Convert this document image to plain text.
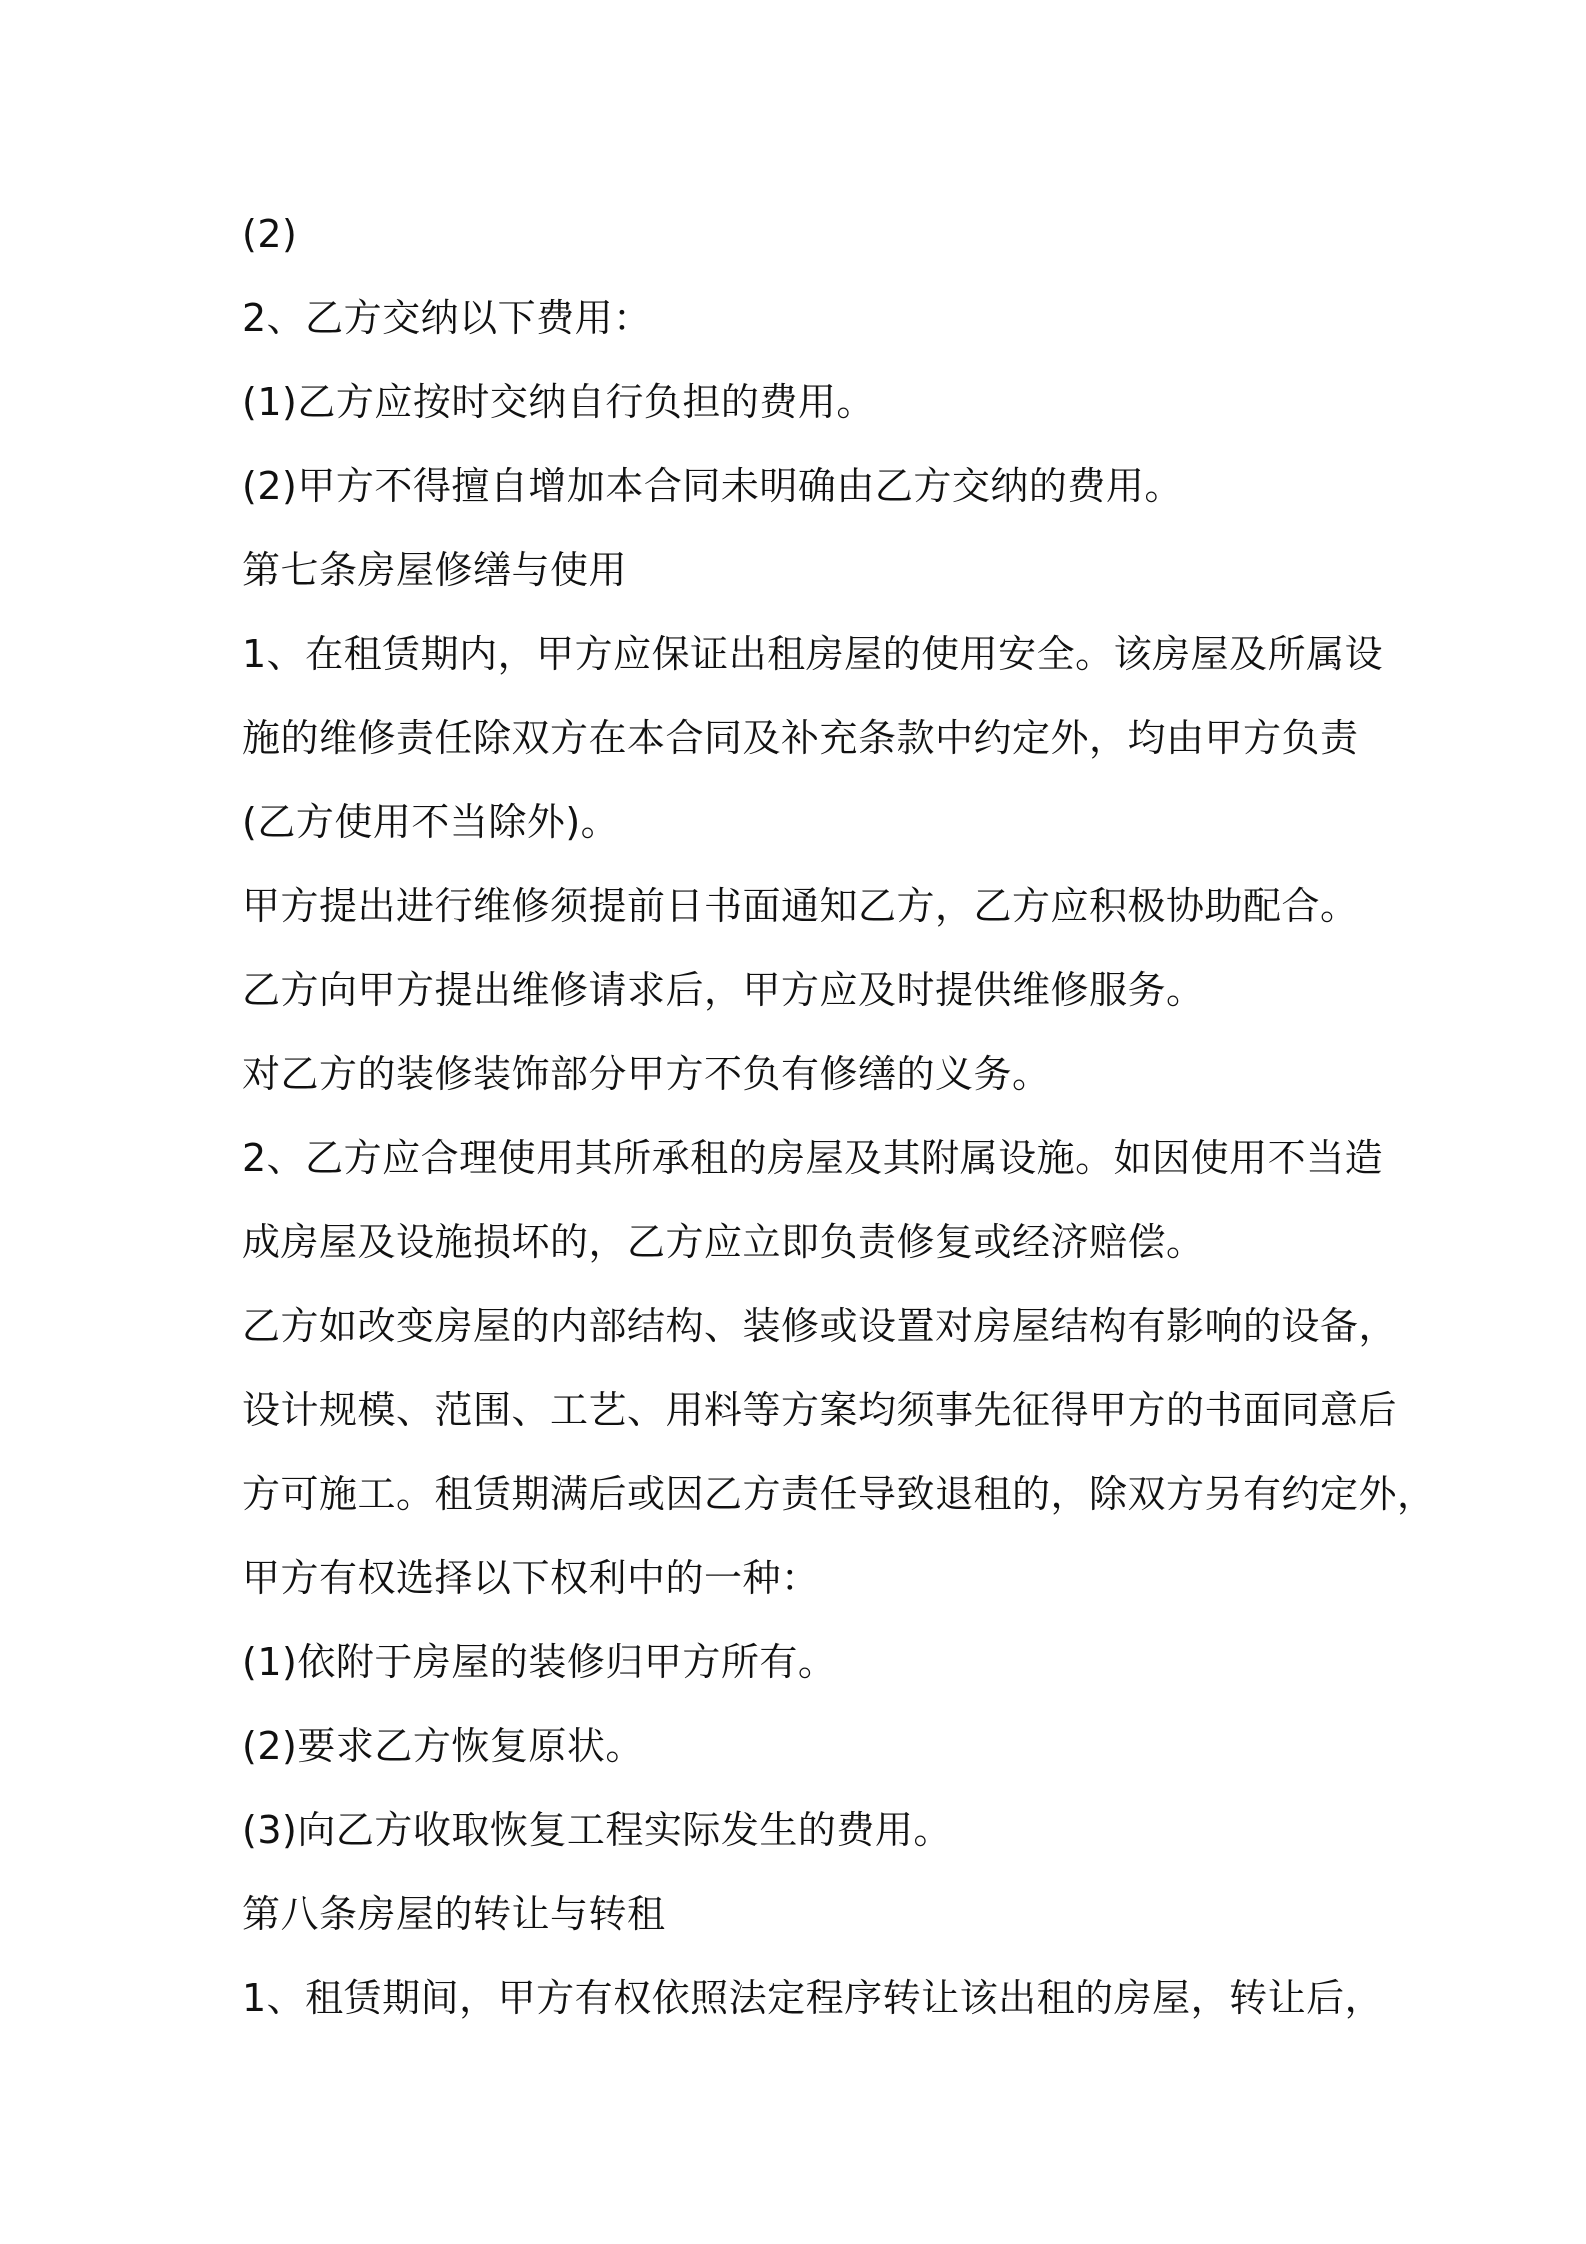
(2)
2、乙方交纳以下费用：
(1)乙方应按时交纳自行负担的费用。
(2)甲方不得擅自增加本合同未明确由乙方交纳的费用。
第七条房屋修缮与使用
1、在租赁期内，甲方应保证出租房屋的使用安全。该房屋及所属设
施的维修责任除双方在本合同及补充条款中约定外，均由甲方负责
(乙方使用不当除外)。
甲方提出进行维修须提前日书面通知乙方，乙方应积极协助配合。
乙方向甲方提出维修请求后，甲方应及时提供维修服务。
对乙方的装修装饰部分甲方不负有修缮的义务。
2、乙方应合理使用其所承租的房屋及其附属设施。如因使用不当造
成房屋及设施损坏的，乙方应立即负责修复或经济赔偿。
乙方如改变房屋的内部结构、装修或设置对房屋结构有影响的设备，
设计规模、范围、工艺、用料等方案均须事先征得甲方的书面同意后
方可施工。租赁期满后或因乙方责任导致退租的，除双方另有约定外，
甲方有权选择以下权利中的一种：
(1)依附于房屋的装修归甲方所有。
(2)要求乙方恢复原状。
(3)向乙方收取恢复工程实际发生的费用。
第八条房屋的转让与转租
1、租赁期间，甲方有权依照法定程序转让该出租的房屋，转让后，
